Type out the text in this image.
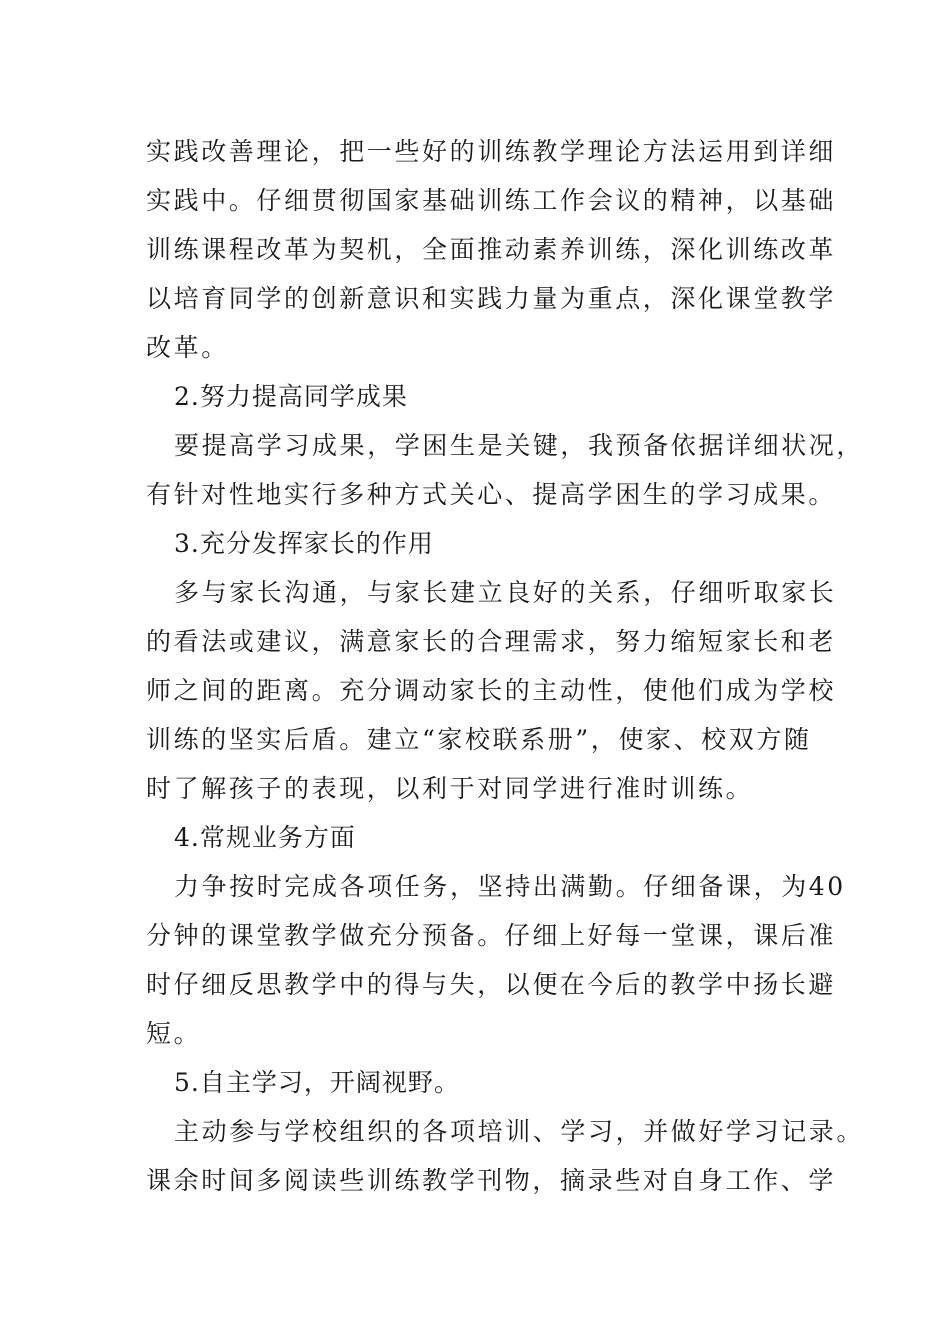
实践改善理论，把一些好的训练教学理论方法运用到详细
实践中。仔细贯彻国家基础训练工作会议的精神，以基础
训练课程改革为契机，全面推动素养训练，深化训练改革
以培育同学的创新意识和实践力量为重点，深化课堂教学
改革。
2.努力提高同学成果
要提高学习成果，学困生是关键，我预备依据详细状况，
有针对性地实行多种方式关心、提高学困生的学习成果。
3.充分发挥家长的作用
多与家长沟通，与家长建立良好的关系，仔细听取家长
的看法或建议，满意家长的合理需求，努力缩短家长和老
师之间的距离。充分调动家长的主动性，使他们成为学校
训练的坚实后盾。建立“家校联系册”，使家、校双方随
时了解孩子的表现，以利于对同学进行准时训练。
4.常规业务方面
力争按时完成各项任务，坚持出满勤。仔细备课，为40
分钟的课堂教学做充分预备。仔细上好每一堂课，课后准
时仔细反思教学中的得与失，以便在今后的教学中扬长避
短。
5.自主学习，开阔视野。
主动参与学校组织的各项培训、学习，并做好学习记录。
课余时间多阅读些训练教学刊物，摘录些对自身工作、学
